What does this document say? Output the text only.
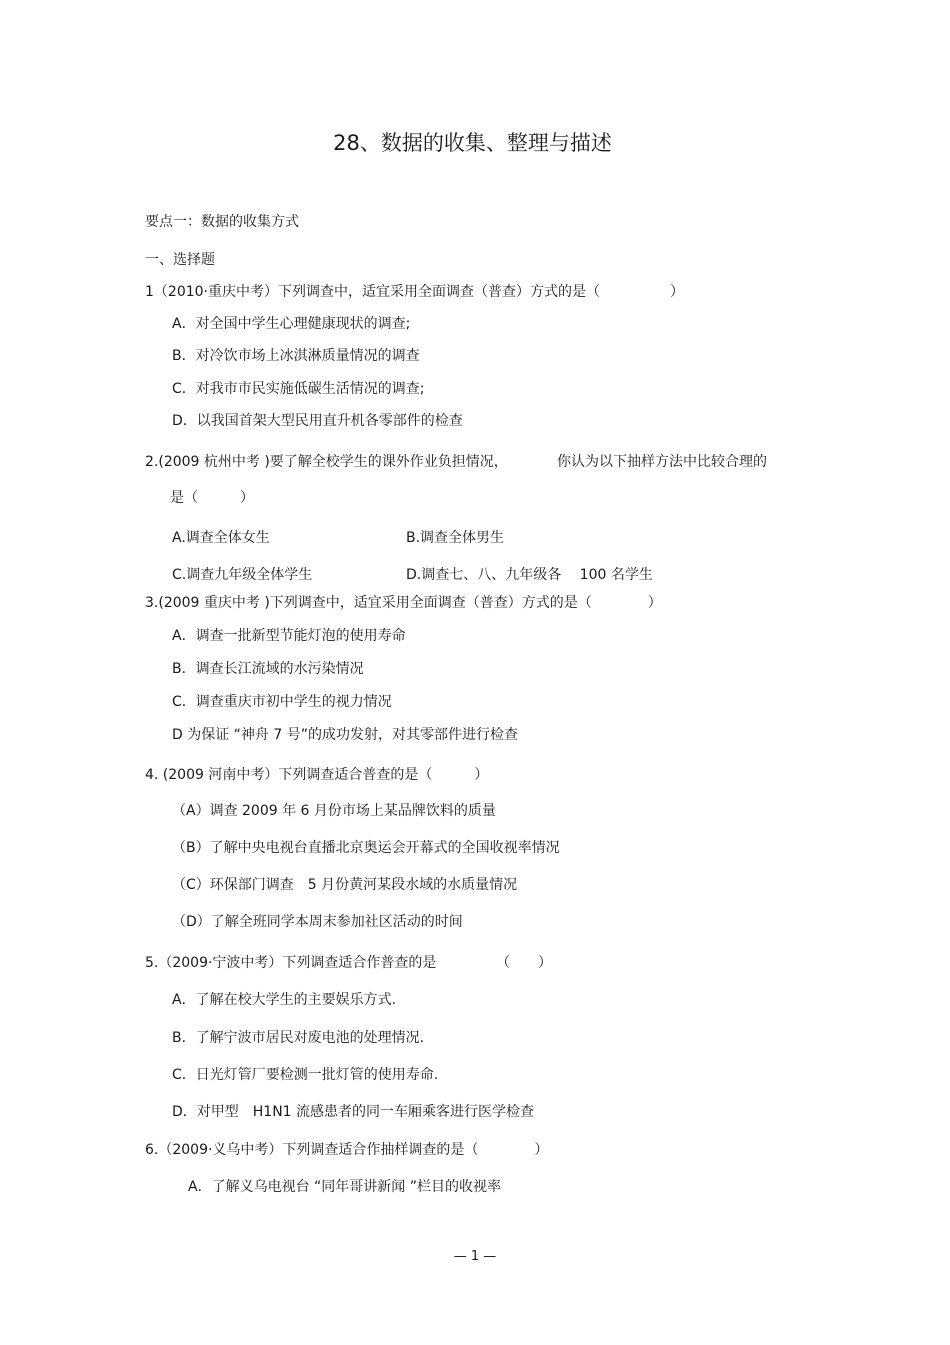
28、数据的收集、整理与描述
要点一：数据的收集方式
一、选择题
1（2010·重庆中考）下列调查中，适宜采用全面调查（普查）方式的是（　　　　　）
A．对全国中学生心理健康现状的调查;
B．对冷饮市场上冰淇淋质量情况的调查
C．对我市市民实施低碳生活情况的调查;
D．以我国首架大型民用直升机各零部件的检查
2.(2009 杭州中考 )要了解全校学生的课外作业负担情况，	你认为以下抽样方法中比较合理的
是（　　　）
A.调查全体女生	B.调查全体男生
C.调查九年级全体学生	D.调查七、八、九年级各　 100 名学生
3.(2009 重庆中考 )下列调查中，适宜采用全面调查（普查）方式的是（　　　　）
A．调查一批新型节能灯泡的使用寿命
B．调查长江流域的水污染情况
C．调查重庆市初中学生的视力情况
D 为保证 “神舟 7 号”的成功发射，对其零部件进行检查
4. (2009 河南中考）下列调查适合普查的是（　　　）
（A）调查 2009 年 6 月份市场上某品牌饮料的质量
（B）了解中央电视台直播北京奥运会开幕式的全国收视率情况
（C）环保部门调查　5 月份黄河某段水域的水质量情况
（D）了解全班同学本周末参加社区活动的时间
5.（2009·宁波中考）下列调查适合作普查的是	（　　）
A．了解在校大学生的主要娱乐方式.
B．了解宁波市居民对废电池的处理情况.
C．日光灯管厂要检测一批灯管的使用寿命.
D．对甲型　H1N1 流感患者的同一车厢乘客进行医学检查
6.（2009·义乌中考）下列调查适合作抽样调查的是（　　　　）
A．了解义乌电视台 “同年哥讲新闻 ”栏目的收视率
— 1 —
